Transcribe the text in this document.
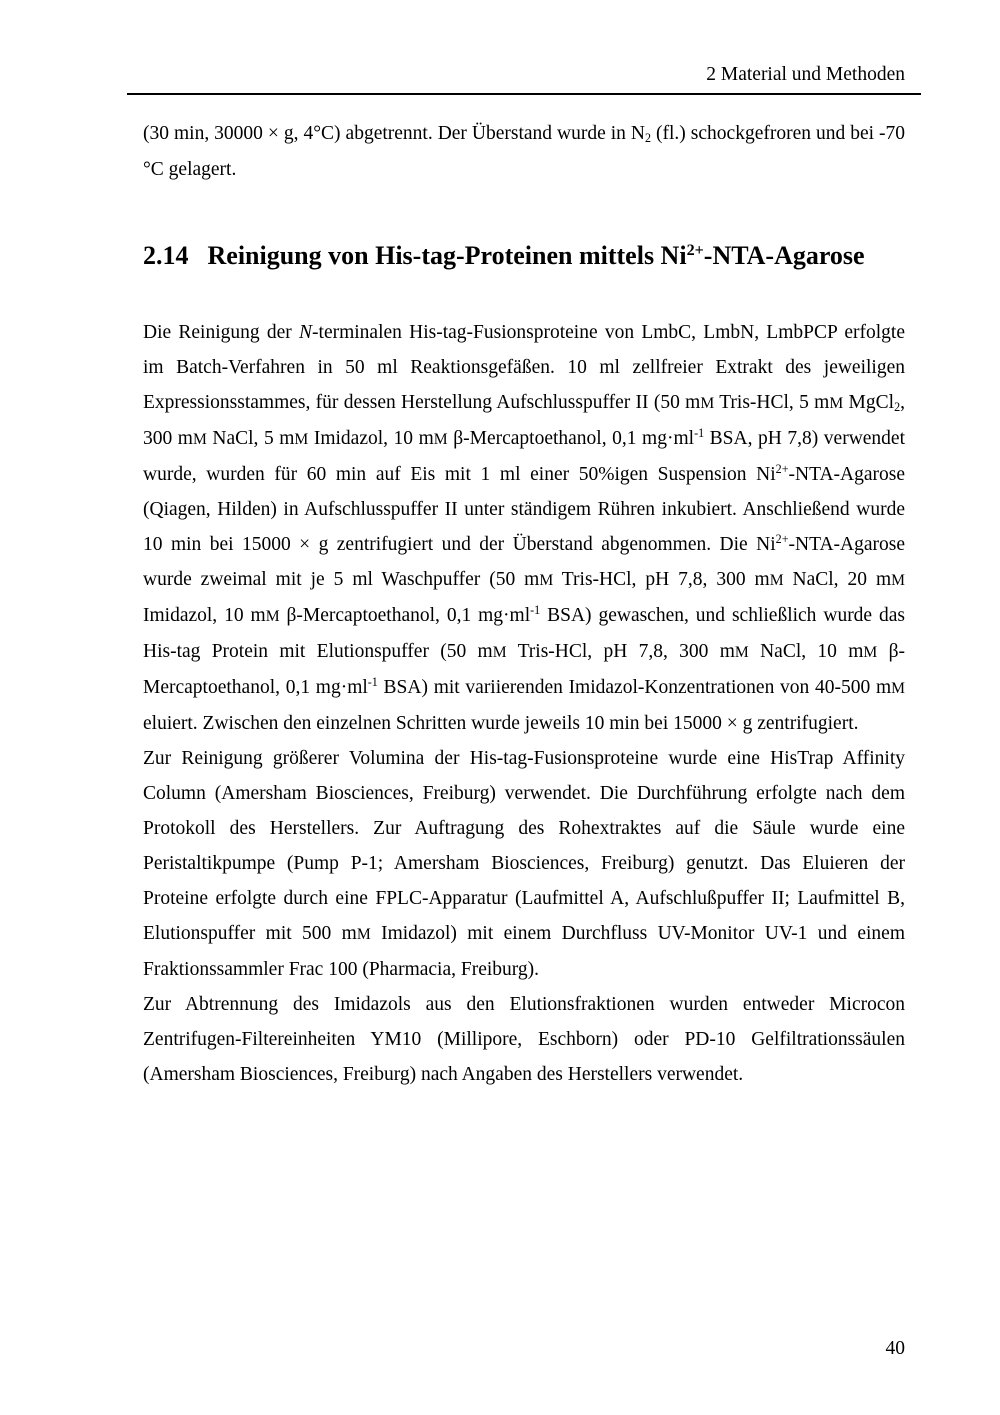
2 Material und Methoden

(30 min, 30000 × g, 4°C) abgetrennt. Der Überstand wurde in $N_2$ (fl.) schockgefroren und bei -70 °C gelagert.

2.14 Reinigung von His-tag-Proteinen mittels $Ni^{2+}-NTA$-Agarose

Die Reinigung der N-terminalen His-tag-Fusionsproteine von LmbC, LmbN, LmbPCP erfolgte im Batch-Verfahren in 50 ml Reaktionsgefäßen. 10 ml zellfreier Extrakt des jeweiligen Expressionsstammes, für dessen Herstellung Aufschlusspuffer II (50 mM Tris-HCl, 5 mM MgCl$_2$, 300 mM NaCl, 5 mM Imidazol, 10 mM β-Mercaptoethanol, 0,1 $mg\cdot ml^{-1}$ BSA, pH 7,8) verwendet wurde, wurden für 60 min auf Eis mit 1 ml einer 50%igen Suspension $Ni^{2+}-NTA$-Agarose (Qiagen, Hilden) in Aufschlusspuffer II unter ständigem Rühren inkubiert. Anschließend wurde 10 min bei 15000 × g zentrifugiert und der Überstand abgenommen. Die $Ni^{2+}-NTA$-Agarose wurde zweimal mit je 5 ml Waschpuffer (50 mM Tris-HCl, pH 7,8, 300 mM NaCl, 20 mM Imidazol, 10 mM β-Mercaptoethanol, 0,1 $mg\cdot ml^{-1}$ BSA) gewaschen, und schließlich wurde das His-tag Protein mit Elutionspuffer (50 mM Tris-HCl, pH 7,8, 300 mM NaCl, 10 mM β-Mercaptoethanol, 0,1 $mg\cdot ml^{-1}$ BSA) mit variierenden Imidazol-Konzentrationen von 40-500 mM eluiert. Zwischen den einzelnen Schritten wurde jeweils 10 min bei 15000 × g zentrifugiert.

Zur Reinigung größerer Volumina der His-tag-Fusionsproteine wurde eine HisTrap Affinity Column (Amersham Biosciences, Freiburg) verwendet. Die Durchführung erfolgte nach dem Protokoll des Herstellers. Zur Auftragung des Rohextraktes auf die Säule wurde eine Peristaltikpumpe (Pump P-1; Amersham Biosciences, Freiburg) genutzt. Das Eluieren der Proteine erfolgte durch eine FPLC-Apparatur (Laufmittel A, Aufschlußpuffer II; Laufmittel B, Elutionspuffer mit 500 mM Imidazol) mit einem Durchfluss UV-Monitor UV-1 und einem Fraktionssammler Frac 100 (Pharmacia, Freiburg).

Zur Abtrennung des Imidazols aus den Elutionsfraktionen wurden entweder Microcon Zentrifugen-Filtereinheiten YM10 (Millipore, Eschborn) oder PD-10 Gelfiltrationssäulen (Amersham Biosciences, Freiburg) nach Angaben des Herstellers verwendet.

40
